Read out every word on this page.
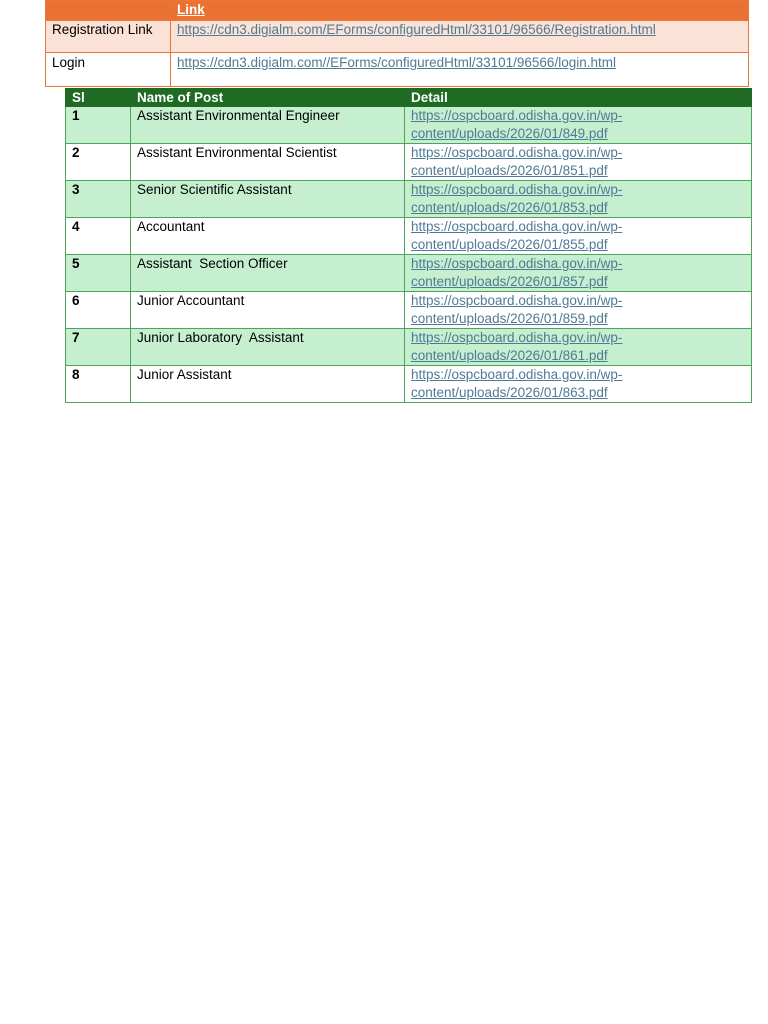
	Link
Registration Link	https://cdn3.digialm.com/EForms/configuredHtml/33101/96566/Registration.html
Login	https://cdn3.digialm.com//EForms/configuredHtml/33101/96566/login.html
Sl	Name of Post	Detail
1	Assistant Environmental Engineer	https://ospcboard.odisha.gov.in/wp-
content/uploads/2026/01/849.pdf
2	Assistant Environmental Scientist	https://ospcboard.odisha.gov.in/wp-
content/uploads/2026/01/851.pdf
3	Senior Scientific Assistant	https://ospcboard.odisha.gov.in/wp-
content/uploads/2026/01/853.pdf
4	Accountant	https://ospcboard.odisha.gov.in/wp-
content/uploads/2026/01/855.pdf
5	Assistant  Section Officer	https://ospcboard.odisha.gov.in/wp-
content/uploads/2026/01/857.pdf
6	Junior Accountant	https://ospcboard.odisha.gov.in/wp-
content/uploads/2026/01/859.pdf
7	Junior Laboratory  Assistant	https://ospcboard.odisha.gov.in/wp-
content/uploads/2026/01/861.pdf
8	Junior Assistant	https://ospcboard.odisha.gov.in/wp-
content/uploads/2026/01/863.pdf
